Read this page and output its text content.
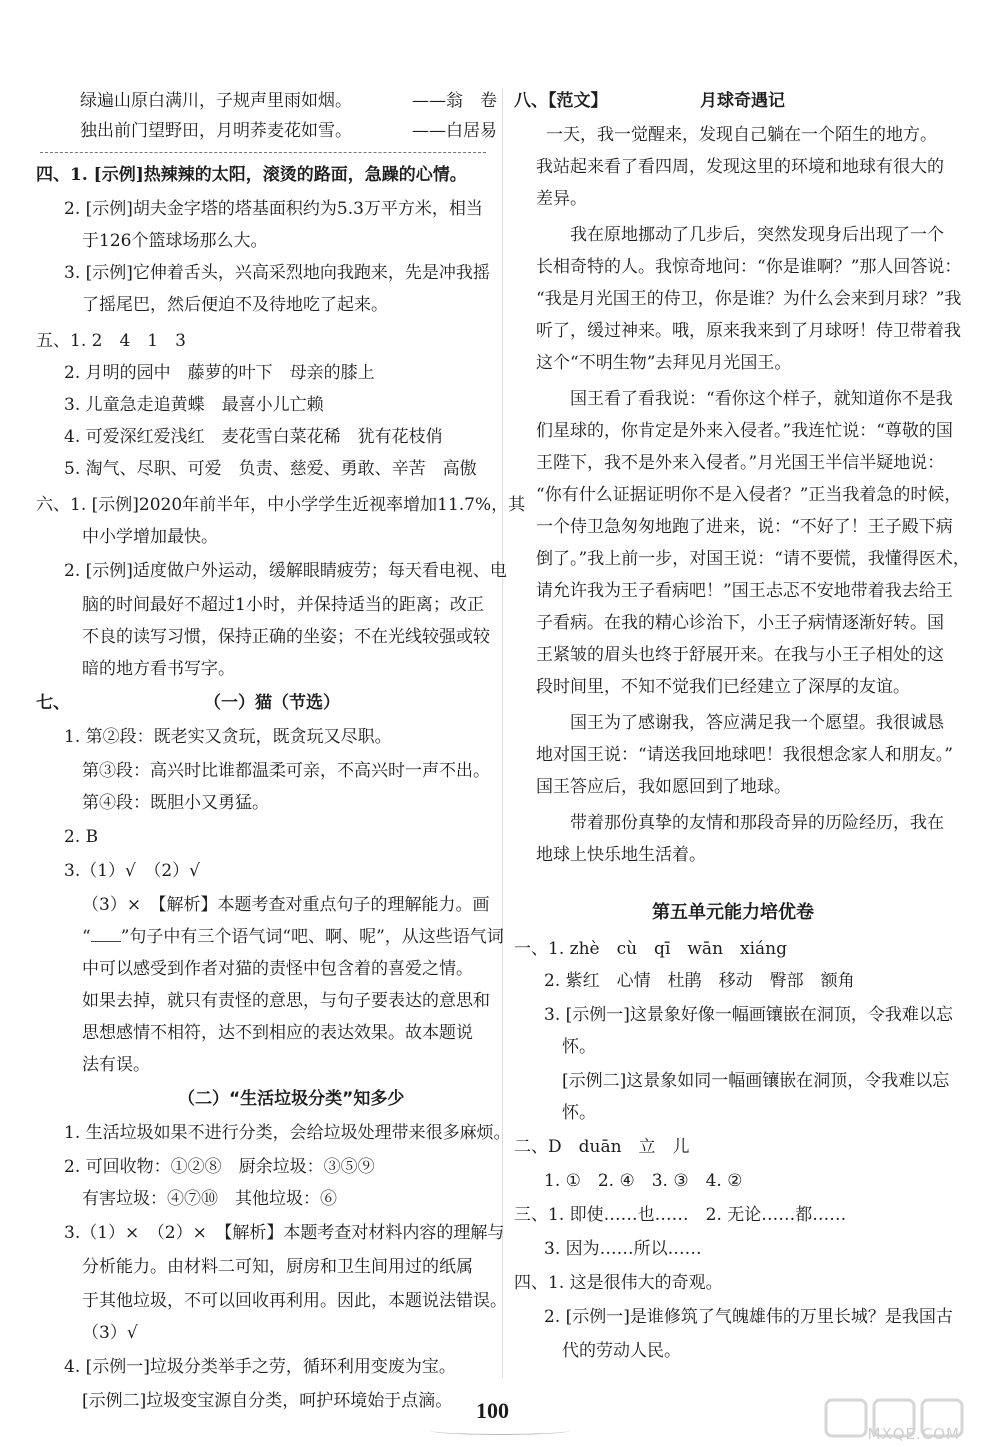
绿遍山原白满川，子规声里雨如烟。	——翁　卷
独出前门望野田，月明荞麦花如雪。	——白居易
四、1. [示例]热辣辣的太阳，滚烫的路面，急躁的心情。
2. [示例]胡夫金字塔的塔基面积约为5.3万平方米，相当
于126个篮球场那么大。
3. [示例]它伸着舌头，兴高采烈地向我跑来，先是冲我摇
了摇尾巴，然后便迫不及待地吃了起来。
五、1. 2　4　1　3
2. 月明的园中　藤萝的叶下　母亲的膝上
3. 儿童急走追黄蝶　最喜小儿亡赖
4. 可爱深红爱浅红　麦花雪白菜花稀　犹有花枝俏
5. 淘气、尽职、可爱　负责、慈爱、勇敢、辛苦　高傲
六、1. [示例]2020年前半年，中小学学生近视率增加11.7%，其
中小学增加最快。
2. [示例]适度做户外运动，缓解眼睛疲劳；每天看电视、电
脑的时间最好不超过1小时，并保持适当的距离；改正
不良的读写习惯，保持正确的坐姿；不在光线较强或较
暗的地方看书写字。
七、	（一）猫（节选）
1. 第②段：既老实又贪玩，既贪玩又尽职。
第③段：高兴时比谁都温柔可亲，不高兴时一声不出。
第④段：既胆小又勇猛。
2. B
3.（1）√　（2）√
（3）×　【解析】本题考查对重点句子的理解能力。画
“ ”句子中有三个语气词“吧、啊、呢”，从这些语气词
中可以感受到作者对猫的责怪中包含着的喜爱之情。
如果去掉，就只有责怪的意思，与句子要表达的意思和
思想感情不相符，达不到相应的表达效果。故本题说
法有误。
（二）“生活垃圾分类”知多少
1. 生活垃圾如果不进行分类，会给垃圾处理带来很多麻烦。
2. 可回收物：①②⑧　厨余垃圾：③⑤⑨
有害垃圾：④⑦⑩　其他垃圾：⑥
3.（1）×　（2）×　【解析】本题考查对材料内容的理解与
分析能力。由材料二可知，厨房和卫生间用过的纸属
于其他垃圾，不可以回收再利用。因此，本题说法错误。
（3）√
4. [示例一]垃圾分类举手之劳，循环利用变废为宝。
[示例二]垃圾变宝源自分类，呵护环境始于点滴。
八、【范文】	月球奇遇记
一天，我一觉醒来，发现自己躺在一个陌生的地方。
我站起来看了看四周，发现这里的环境和地球有很大的
差异。
我在原地挪动了几步后，突然发现身后出现了一个
长相奇特的人。我惊奇地问：“你是谁啊？”那人回答说：
“我是月光国王的侍卫，你是谁？为什么会来到月球？”我
听了，缓过神来。哦，原来我来到了月球呀！侍卫带着我
这个“不明生物”去拜见月光国王。
国王看了看我说：“看你这个样子，就知道你不是我
们星球的，你肯定是外来入侵者。”我连忙说：“尊敬的国
王陛下，我不是外来入侵者。”月光国王半信半疑地说：
“你有什么证据证明你不是入侵者？”正当我着急的时候，
一个侍卫急匆匆地跑了进来，说：“不好了！王子殿下病
倒了。”我上前一步，对国王说：“请不要慌，我懂得医术，
请允许我为王子看病吧！”国王忐忑不安地带着我去给王
子看病。在我的精心诊治下，小王子病情逐渐好转。国
王紧皱的眉头也终于舒展开来。在我与小王子相处的这
段时间里，不知不觉我们已经建立了深厚的友谊。
国王为了感谢我，答应满足我一个愿望。我很诚恳
地对国王说：“请送我回地球吧！我很想念家人和朋友。”
国王答应后，我如愿回到了地球。
带着那份真挚的友情和那段奇异的历险经历，我在
地球上快乐地生活着。
第五单元能力培优卷
一、1. zhè　cù　qī　wān　xiáng
2. 紫红　心情　杜鹃　移动　臀部　额角
3. [示例一]这景象好像一幅画镶嵌在洞顶，令我难以忘
怀。
[示例二]这景象如同一幅画镶嵌在洞顶，令我难以忘
怀。
二、D　duān　立　儿
1. ①　2. ④　3. ③　4. ②
三、1. 即使……也……　2. 无论……都……
3. 因为……所以……
四、1. 这是很伟大的奇观。
2. [示例一]是谁修筑了气魄雄伟的万里长城？是我国古
代的劳动人民。
100
MXQE.COM
